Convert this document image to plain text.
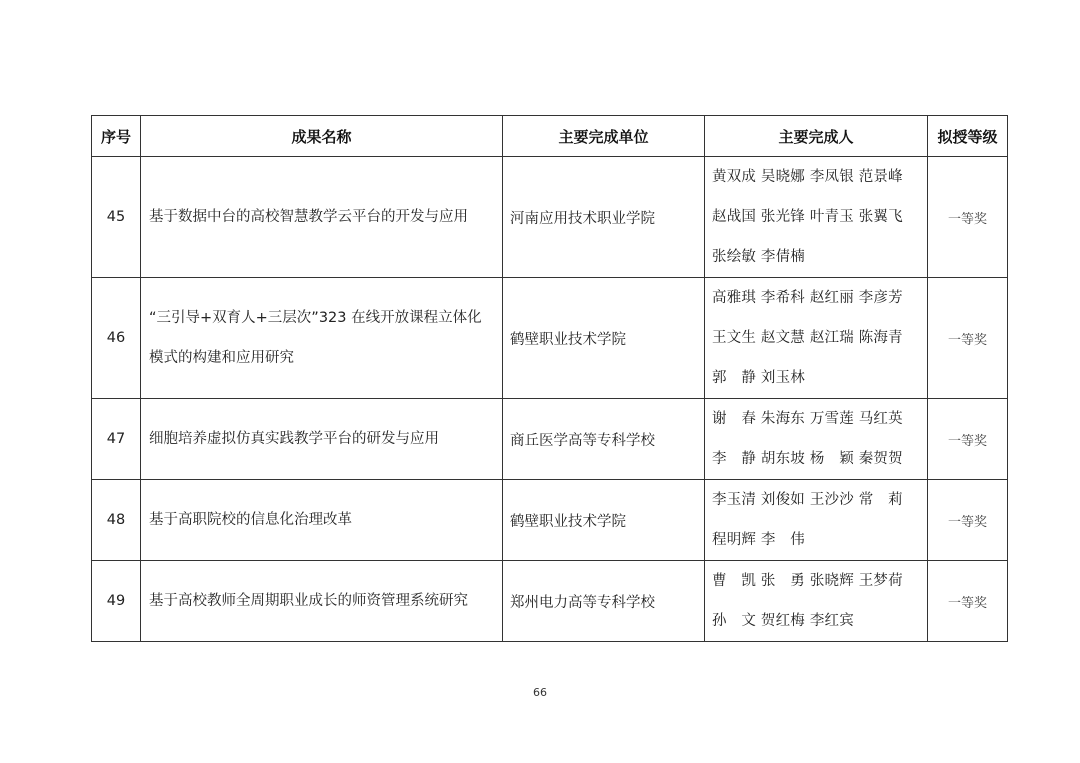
序号	成果名称	主要完成单位	主要完成人	拟授等级
45	基于数据中台的高校智慧教学云平台的开发与应用	河南应用技术职业学院	黄双成 吴晓娜 李凤银 范景峰
赵战国 张光锋 叶青玉 张翼飞
张绘敏 李倩楠	一等奖
46	“三引导+双育人+三层次”323 在线开放课程立体化
模式的构建和应用研究	鹤壁职业技术学院	高雅琪 李希科 赵红丽 李彦芳
王文生 赵文慧 赵江瑞 陈海青
郭　静 刘玉林	一等奖
47	细胞培养虚拟仿真实践教学平台的研发与应用	商丘医学高等专科学校	谢　春 朱海东 万雪莲 马红英
李　静 胡东坡 杨　颖 秦贺贺	一等奖
48	基于高职院校的信息化治理改革	鹤壁职业技术学院	李玉清 刘俊如 王沙沙 常　莉
程明辉 李　伟	一等奖
49	基于高校教师全周期职业成长的师资管理系统研究	郑州电力高等专科学校	曹　凯 张　勇 张晓辉 王梦荷
孙　文 贺红梅 李红宾	一等奖
66
